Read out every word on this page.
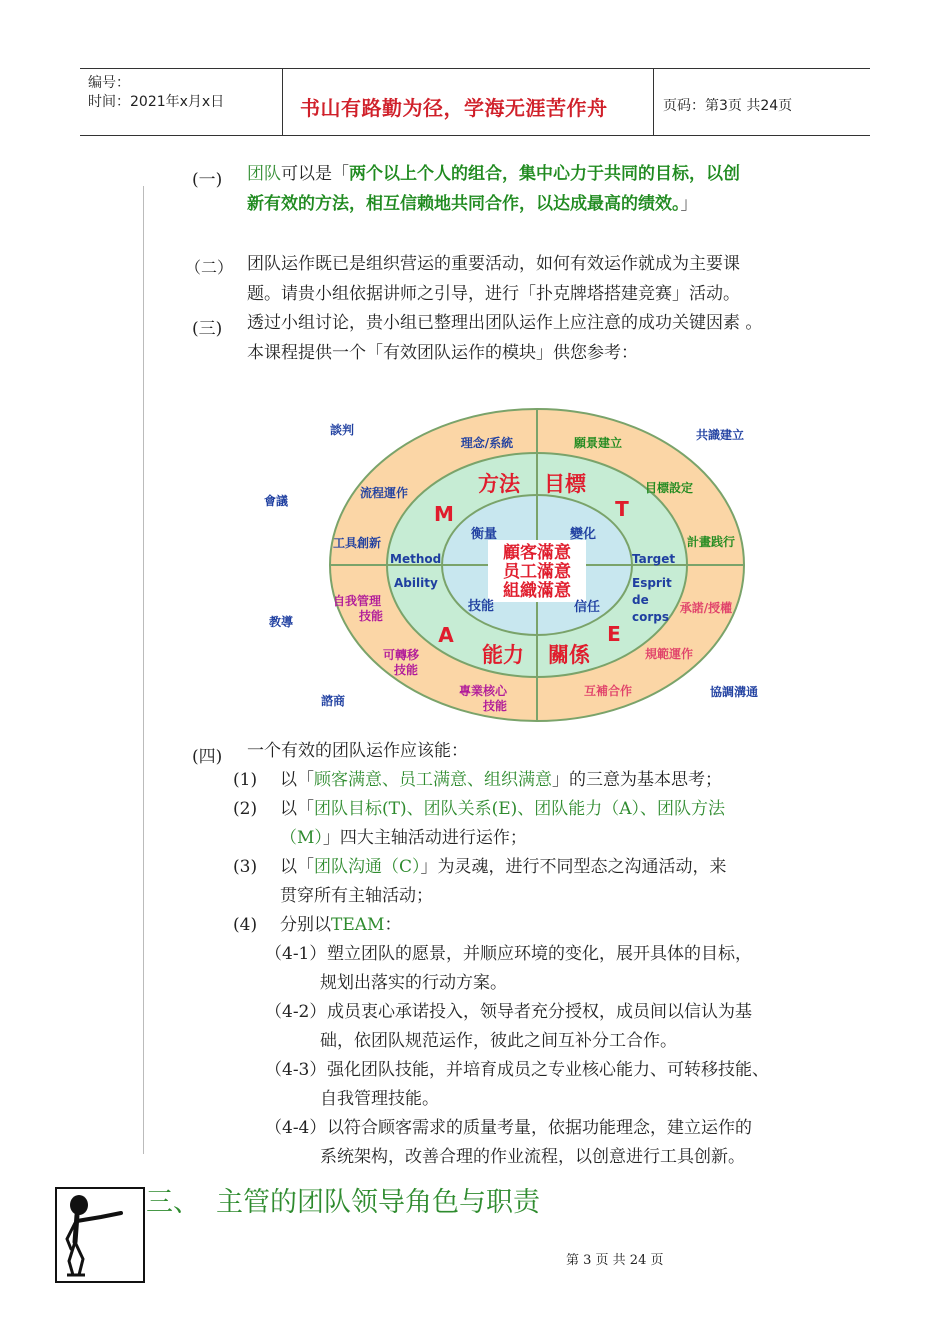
编号：
时间：2021年x月x日	书山有路勤为径，学海无涯苦作舟	页码：第3页 共24页
(一) 团队可以是「两个以上个人的组合，集中心力于共同的目标，以创
新有效的方法，相互信赖地共同合作，以达成最高的绩效。」
（二） 团队运作既已是组织营运的重要活动，如何有效运作就成为主要课
题。请贵小组依据讲师之引导，进行「扑克牌塔搭建竞赛」活动。
(三) 透过小组讨论，贵小组已整理出团队运作上应注意的成功关键因素 。
本课程提供一个「有效团队运作的模块」供您参考：
顧客滿意
员工滿意
組織滿意
方法 目標
能力 關係
M	T
A	E
衡量	變化
技能	信任
Method
Ability
Target
Esprit
de
corps
理念/系統	願景建立
流程運作
工具創新
自我管理
技能
可轉移
技能
專業核心
技能
目標設定
計畫践行
承諾/授權
規範運作
互補合作
談判
會議
教導
諮商
共識建立
協調溝通
(四) 一个有效的团队运作应该能：
(1) 以「顾客满意、员工满意、组织满意」的三意为基本思考；
(2) 以「团队目标(T)、团队关系(E)、团队能力（A）、团队方法
（M）」四大主轴活动进行运作；
(3) 以「团队沟通（C）」为灵魂，进行不同型态之沟通活动，来
贯穿所有主轴活动；
(4) 分别以TEAM：
（4-1） 塑立团队的愿景，并顺应环境的变化，展开具体的目标，
规划出落实的行动方案。
（4-2） 成员衷心承诺投入，领导者充分授权，成员间以信认为基
础，依团队规范运作，彼此之间互补分工合作。
（4-3） 强化团队技能，并培育成员之专业核心能力、可转移技能、
自我管理技能。
（4-4） 以符合顾客需求的质量考量，依据功能理念，建立运作的
系统架构，改善合理的作业流程，以创意进行工具创新。
三、 主管的团队领导角色与职责
第 3 页 共 24 页
